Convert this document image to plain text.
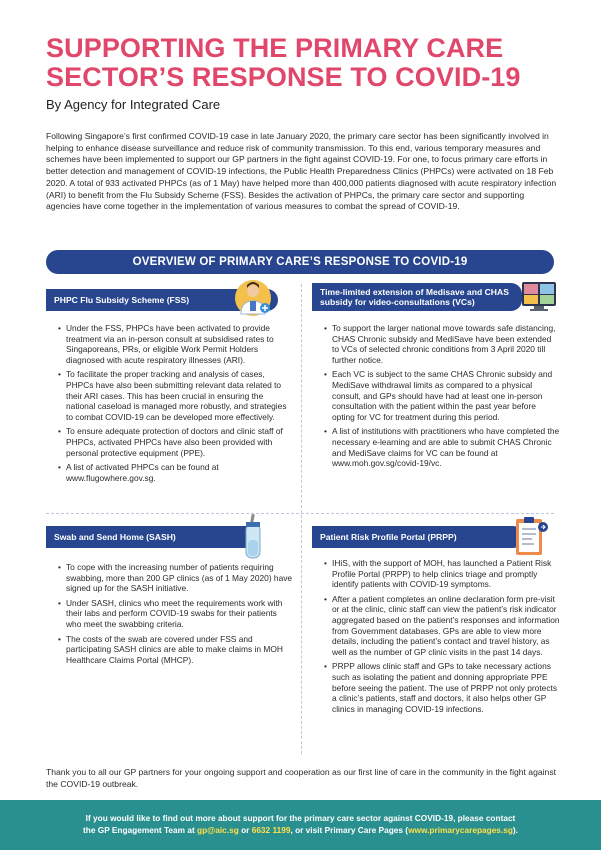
SUPPORTING THE PRIMARY CARE SECTOR’S RESPONSE TO COVID-19
By Agency for Integrated Care
Following Singapore’s first confirmed COVID-19 case in late January 2020, the primary care sector has been significantly involved in helping to enhance disease surveillance and reduce risk of community transmission. To this end, various temporary measures and schemes have been implemented to support our GP partners in the fight against COVID-19. For one, to focus primary care efforts in better detection and management of COVID-19 infections, the Public Health Preparedness Clinics (PHPCs) were activated on 18 Feb 2020. A total of 933 activated PHPCs (as of 1 May) have helped more than 400,000 patients diagnosed with acute respiratory infection (ARI) to benefit from the Flu Subsidy Scheme (FSS). Besides the activation of PHPCs, the primary care sector and supporting agencies have come together in the implementation of various measures to combat the spread of COVID-19.
OVERVIEW OF PRIMARY CARE’S RESPONSE TO COVID-19
PHPC Flu Subsidy Scheme (FSS)
• Under the FSS, PHPCs have been activated to provide treatment via an in-person consult at subsidised rates to Singaporeans, PRs, or eligible Work Permit Holders diagnosed with acute respiratory illnesses (ARI).
• To facilitate the proper tracking and analysis of cases, PHPCs have also been submitting relevant data related to their ARI cases. This has been crucial in ensuring the national caseload is managed more robustly, and strategies to combat COVID-19 can be developed more effectively.
• To ensure adequate protection of doctors and clinic staff of PHPCs, activated PHPCs have also been provided with personal protective equipment (PPE).
• A list of activated PHPCs can be found at www.flugowhere.gov.sg.
Time-limited extension of Medisave and CHAS subsidy for video-consultations (VCs)
• To support the larger national move towards safe distancing, CHAS Chronic subsidy and MediSave have been extended to VCs of selected chronic conditions from 3 April 2020 till further notice.
• Each VC is subject to the same CHAS Chronic subsidy and MediSave withdrawal limits as compared to a physical consult, and GPs should have had at least one in-person consultation with the patient within the past year before opting for VC for treatment during this period.
• A list of institutions with practitioners who have completed the necessary e-learning and are able to submit CHAS Chronic and MediSave claims for VC can be found at www.moh.gov.sg/covid-19/vc.
Swab and Send Home (SASH)
• To cope with the increasing number of patients requiring swabbing, more than 200 GP clinics (as of 1 May 2020) have signed up for the SASH initiative.
• Under SASH, clinics who meet the requirements work with their labs and perform COVID-19 swabs for their patients who meet the swabbing criteria.
• The costs of the swab are covered under FSS and participating SASH clinics are able to make claims in MOH Healthcare Claims Portal (MHCP).
Patient Risk Profile Portal (PRPP)
• IHiS, with the support of MOH, has launched a Patient Risk Profile Portal (PRPP) to help clinics triage and promptly identify patients with COVID-19 symptoms.
• After a patient completes an online declaration form pre-visit or at the clinic, clinic staff can view the patient’s risk indicator aggregated based on the patient’s responses and information from Government databases. GPs are able to view more details, including the patient’s contact and travel history, as well as the number of GP clinic visits in the past 14 days.
• PRPP allows clinic staff and GPs to take necessary actions such as isolating the patient and donning appropriate PPE before seeing the patient. The use of PRPP not only protects a clinic’s patients, staff and doctors, it also helps other GP clinics in managing COVID-19 infections.
Thank you to all our GP partners for your ongoing support and cooperation as our first line of care in the community in the fight against the COVID-19 outbreak.
If you would like to find out more about support for the primary care sector against COVID-19, please contact
the GP Engagement Team at gp@aic.sg or 6632 1199, or visit Primary Care Pages (www.primarycarepages.sg).
